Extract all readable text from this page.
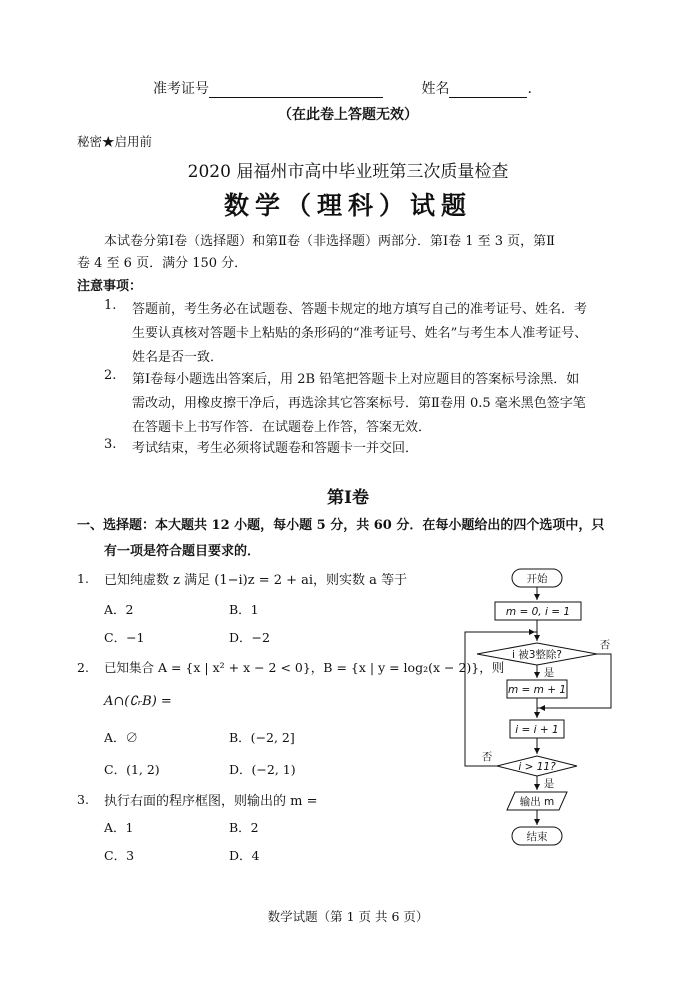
准考证号	姓名	.
（在此卷上答题无效）
秘密★启用前
2020 届福州市高中毕业班第三次质量检查
数学（理科）试题
本试卷分第Ⅰ卷（选择题）和第Ⅱ卷（非选择题）两部分．第Ⅰ卷 1 至 3 页，第Ⅱ
卷 4 至 6 页．满分 150 分．
注意事项：
1. 答题前，考生务必在试题卷、答题卡规定的地方填写自己的准考证号、姓名．考
生要认真核对答题卡上粘贴的条形码的“准考证号、姓名”与考生本人准考证号、
姓名是否一致．
2. 第Ⅰ卷每小题选出答案后，用 2B 铅笔把答题卡上对应题目的答案标号涂黑．如
需改动，用橡皮擦干净后，再选涂其它答案标号．第Ⅱ卷用 0.5 毫米黑色签字笔
在答题卡上书写作答．在试题卷上作答，答案无效．
3. 考试结束，考生必须将试题卷和答题卡一并交回．
第Ⅰ卷
一、选择题：本大题共 12 小题，每小题 5 分，共 60 分．在每小题给出的四个选项中，只
有一项是符合题目要求的．
1. 已知纯虚数 z 满足 (1−i)z = 2 + ai，则实数 a 等于
A．2	B．1
C．−1	D．−2
2. 已知集合 A = {x | x² + x − 2 < 0}，B = {x | y = log₂(x − 2)}，则
A∩(∁ᵣB) =
A．∅	B．(−2, 2]
C．(1, 2)	D．(−2, 1)
3. 执行右面的程序框图，则输出的 m =
A．1	B．2
C．3	D．4
开始
m = 0, i = 1
i 被3整除?
否
是
m = m + 1
i = i + 1
i > 11?
否
是
输出 m
结束
数学试题（第 1 页 共 6 页）
